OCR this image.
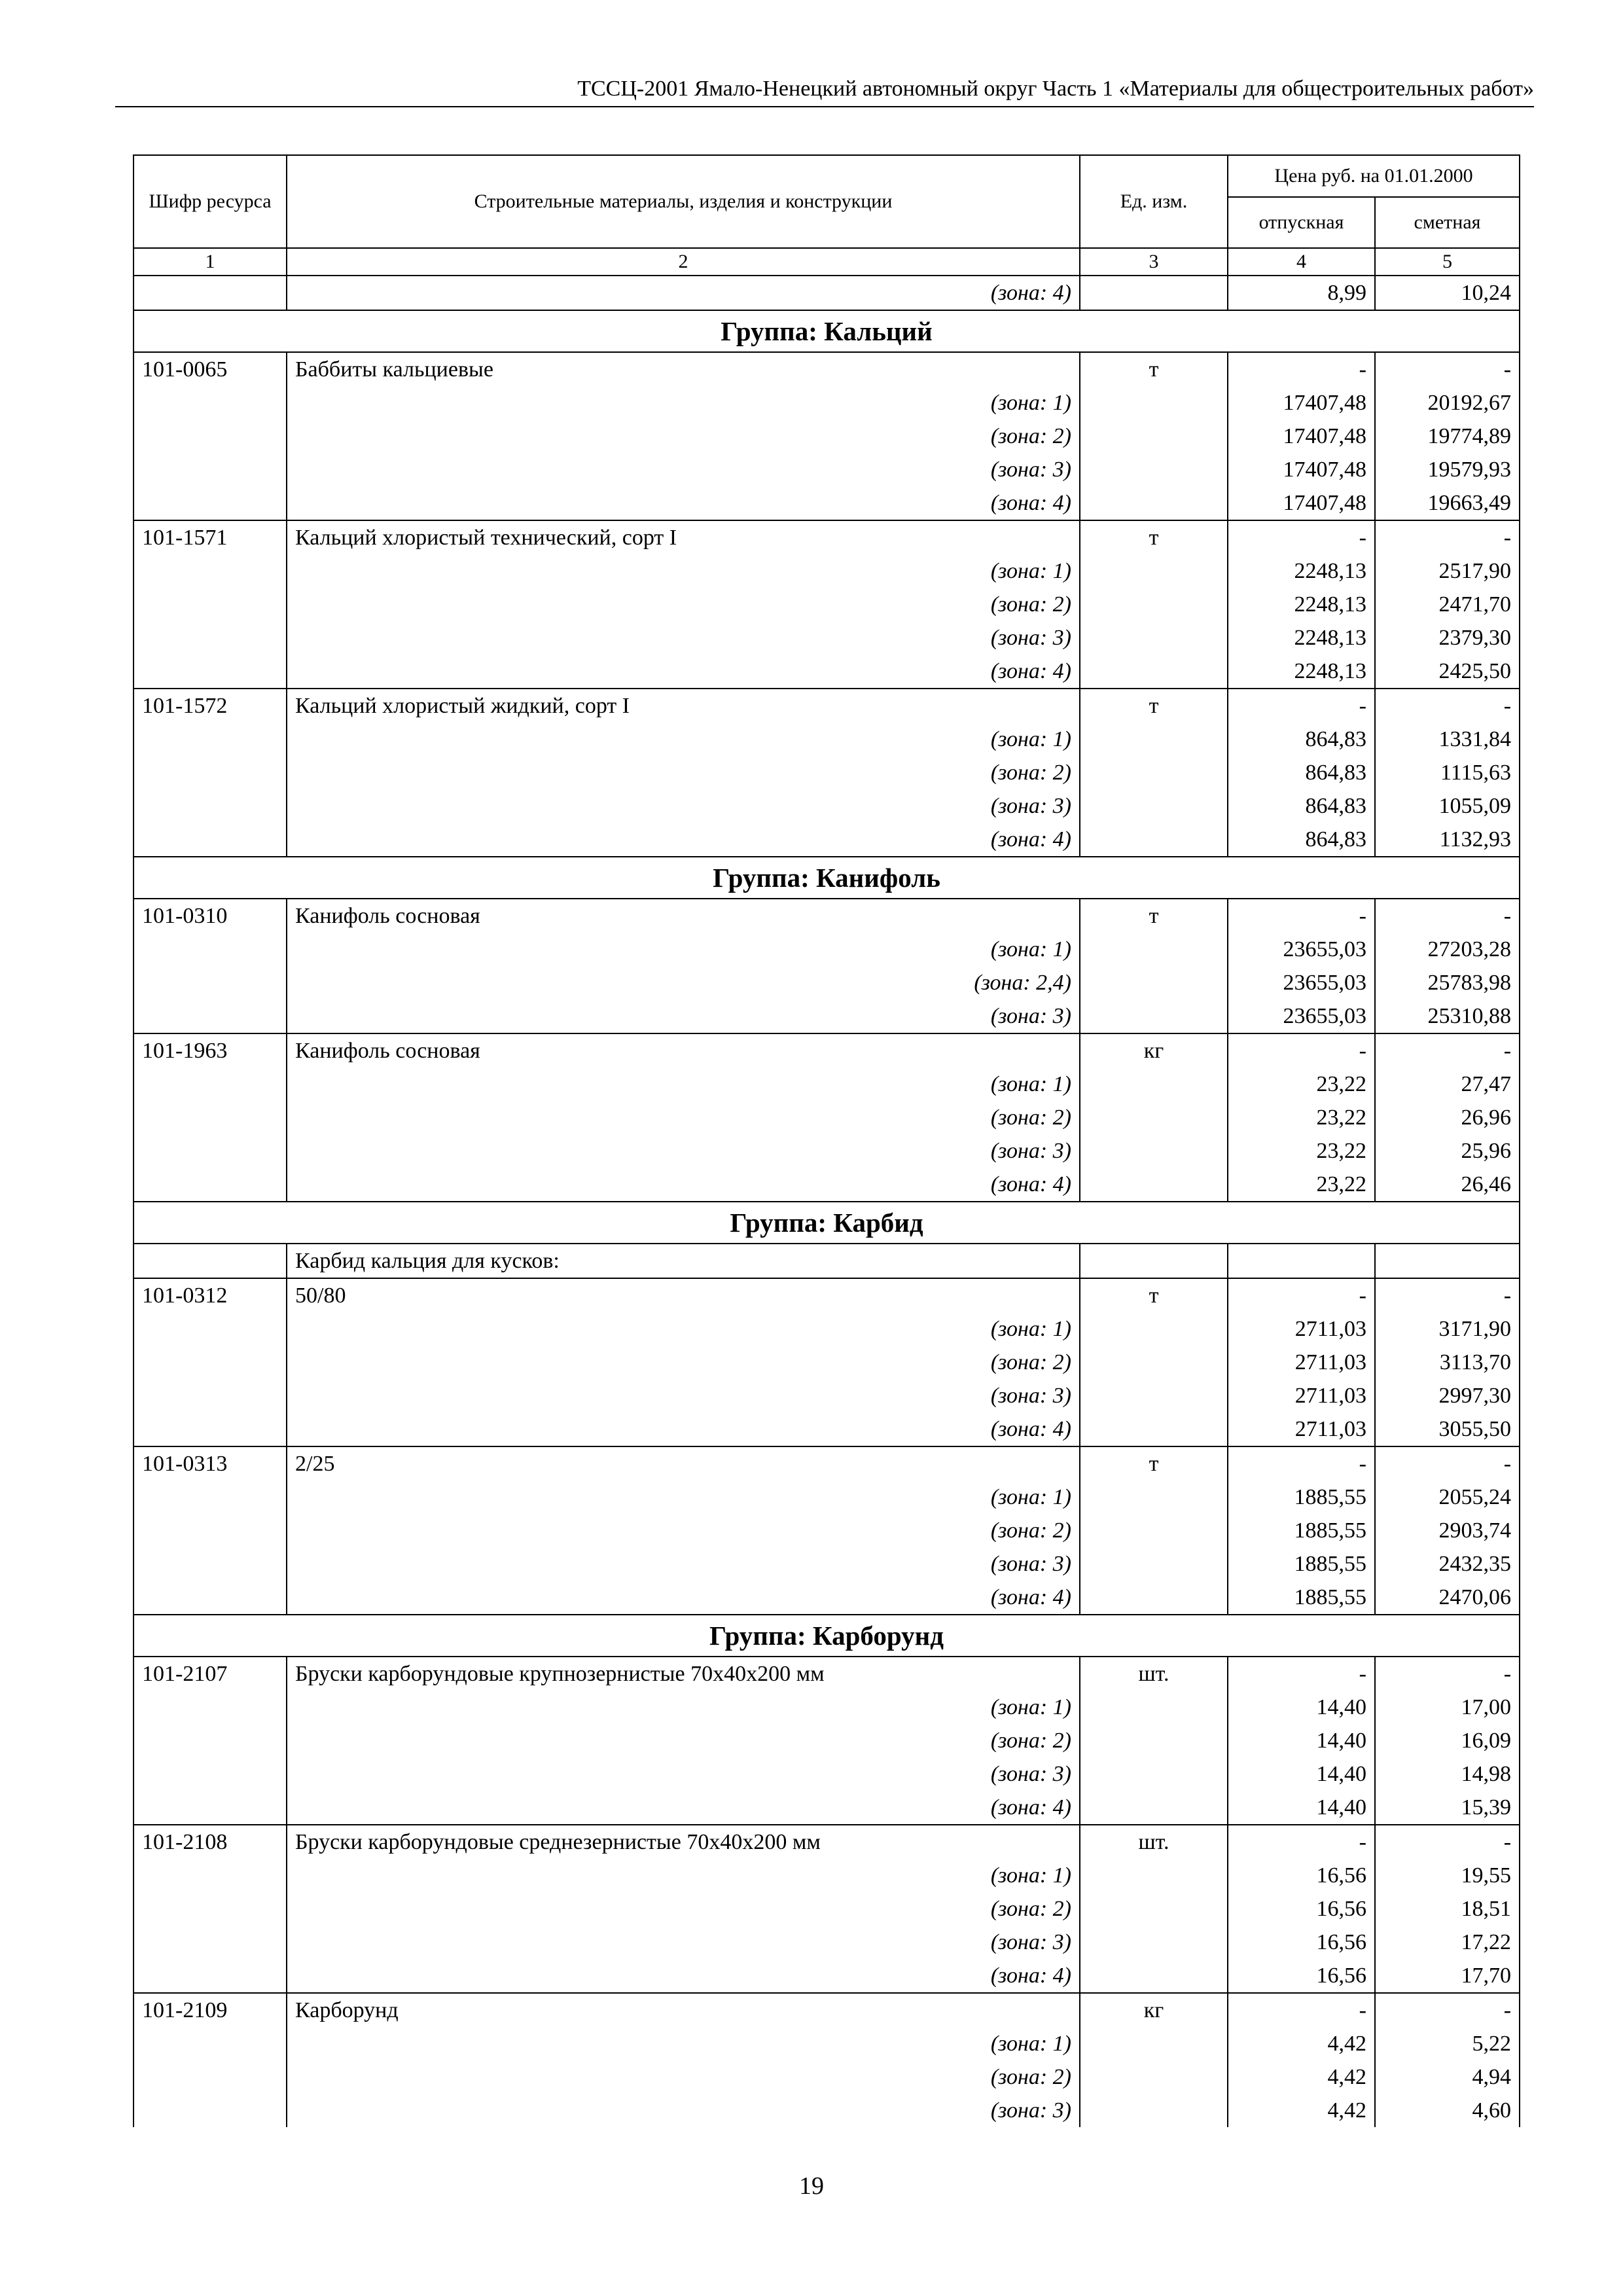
ТССЦ-2001 Ямало-Ненецкий автономный округ Часть 1 «Материалы для общестроительных работ»
Шифр ресурса	Строительные материалы, изделия и конструкции	Ед. изм.	Цена руб. на 01.01.2000	
			отпускная	сметная
1	2	3	4	5
	(зона: 4)		8,99	10,24
Группа: Кальций				
101-0065	Баббиты кальциевые	т	-	-
	(зона: 1)		17407,48	20192,67
	(зона: 2)		17407,48	19774,89
	(зона: 3)		17407,48	19579,93
	(зона: 4)		17407,48	19663,49
101-1571	Кальций хлористый технический, сорт I	т	-	-
	(зона: 1)		2248,13	2517,90
	(зона: 2)		2248,13	2471,70
	(зона: 3)		2248,13	2379,30
	(зона: 4)		2248,13	2425,50
101-1572	Кальций хлористый жидкий, сорт I	т	-	-
	(зона: 1)		864,83	1331,84
	(зона: 2)		864,83	1115,63
	(зона: 3)		864,83	1055,09
	(зона: 4)		864,83	1132,93
Группа: Канифоль				
101-0310	Канифоль сосновая	т	-	-
	(зона: 1)		23655,03	27203,28
	(зона: 2,4)		23655,03	25783,98
	(зона: 3)		23655,03	25310,88
101-1963	Канифоль сосновая	кг	-	-
	(зона: 1)		23,22	27,47
	(зона: 2)		23,22	26,96
	(зона: 3)		23,22	25,96
	(зона: 4)		23,22	26,46
Группа: Карбид				
	Карбид кальция для кусков:			
101-0312	50/80	т	-	-
	(зона: 1)		2711,03	3171,90
	(зона: 2)		2711,03	3113,70
	(зона: 3)		2711,03	2997,30
	(зона: 4)		2711,03	3055,50
101-0313	2/25	т	-	-
	(зона: 1)		1885,55	2055,24
	(зона: 2)		1885,55	2903,74
	(зона: 3)		1885,55	2432,35
	(зона: 4)		1885,55	2470,06
Группа: Карборунд				
101-2107	Бруски карборундовые крупнозернистые 70х40х200 мм	шт.	-	-
	(зона: 1)		14,40	17,00
	(зона: 2)		14,40	16,09
	(зона: 3)		14,40	14,98
	(зона: 4)		14,40	15,39
101-2108	Бруски карборундовые среднезернистые 70х40х200 мм	шт.	-	-
	(зона: 1)		16,56	19,55
	(зона: 2)		16,56	18,51
	(зона: 3)		16,56	17,22
	(зона: 4)		16,56	17,70
101-2109	Карборунд	кг	-	-
	(зона: 1)		4,42	5,22
	(зона: 2)		4,42	4,94
	(зона: 3)		4,42	4,60
19
